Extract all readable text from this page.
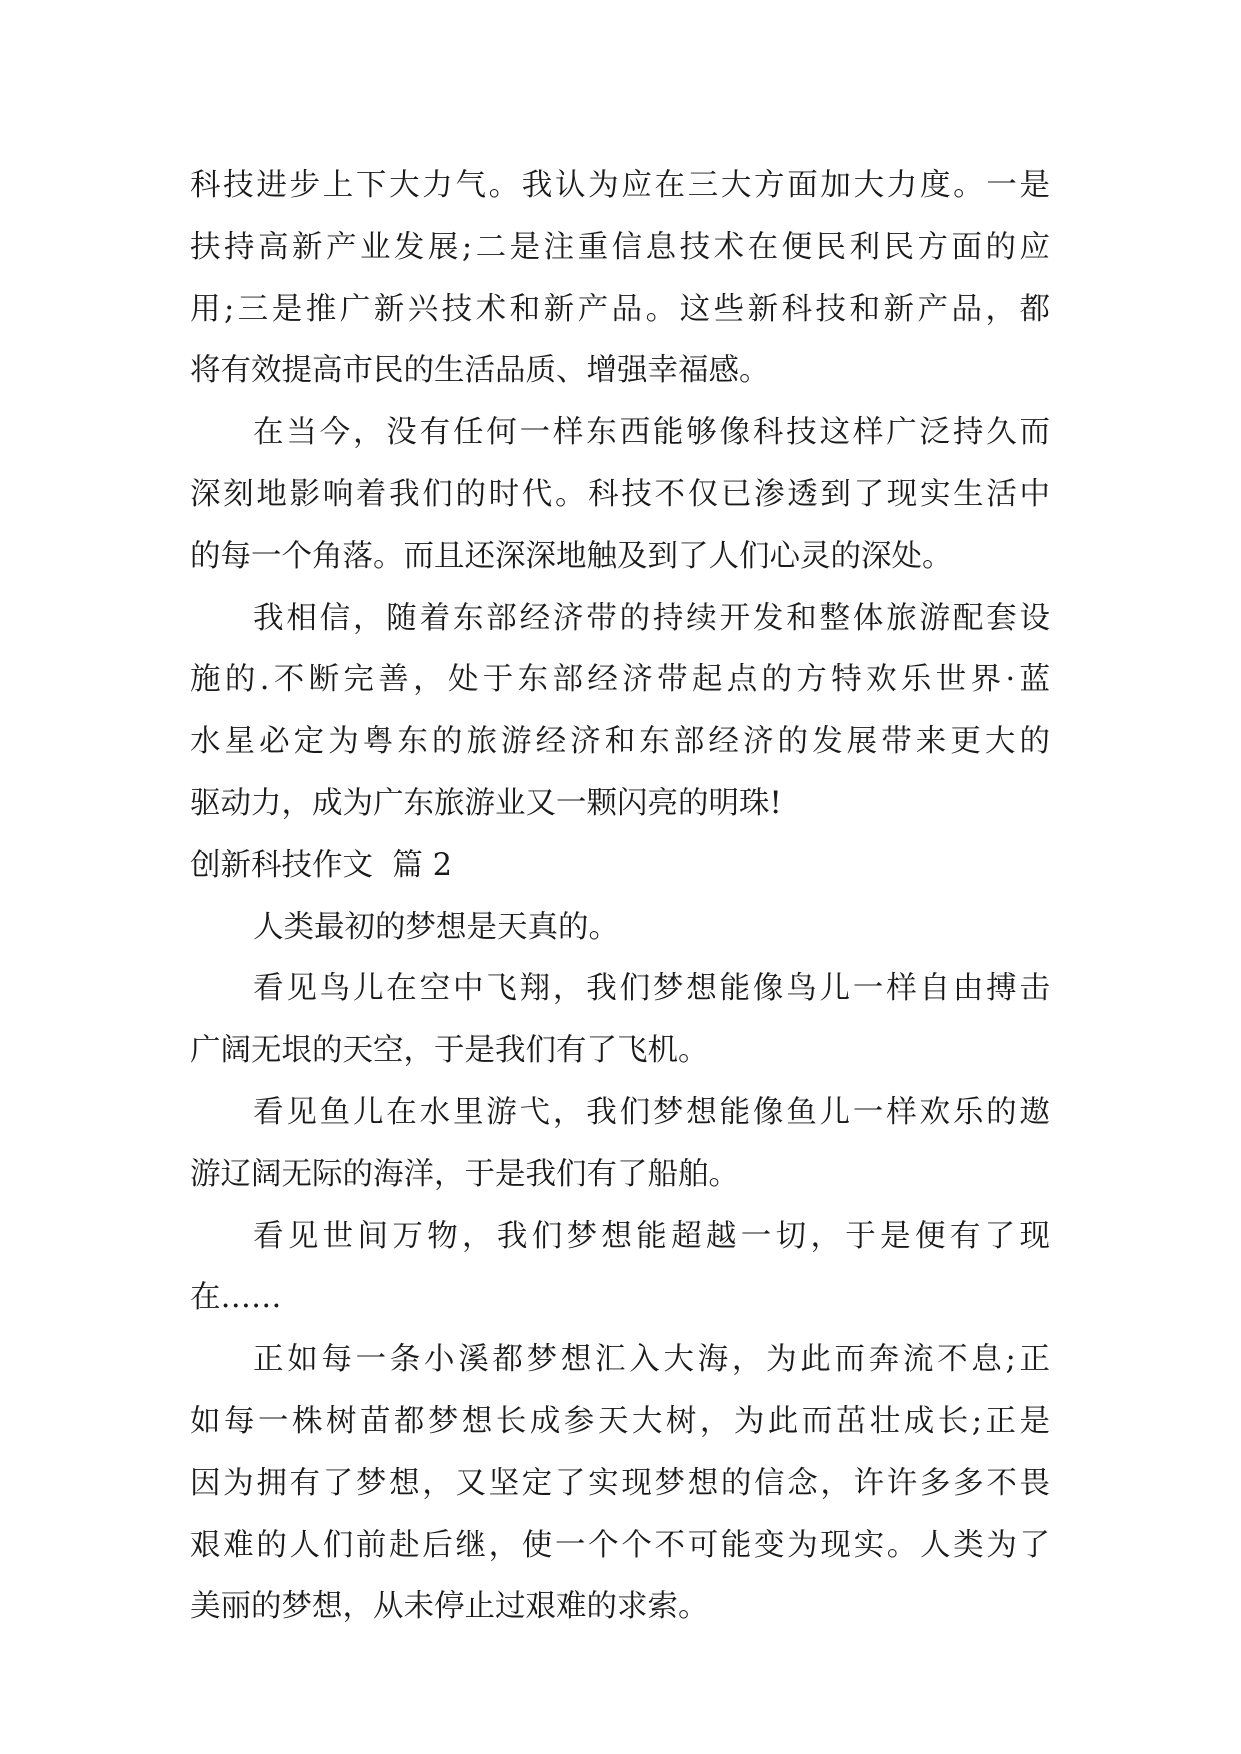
科技进步上下大力气。我认为应在三大方面加大力度。一是
扶持高新产业发展;二是注重信息技术在便民利民方面的应
用;三是推广新兴技术和新产品。这些新科技和新产品，都
将有效提高市民的生活品质、增强幸福感。
在当今，没有任何一样东西能够像科技这样广泛持久而
深刻地影响着我们的时代。科技不仅已渗透到了现实生活中
的每一个角落。而且还深深地触及到了人们心灵的深处。
我相信，随着东部经济带的持续开发和整体旅游配套设
施的.不断完善，处于东部经济带起点的方特欢乐世界·蓝
水星必定为粤东的旅游经济和东部经济的发展带来更大的
驱动力，成为广东旅游业又一颗闪亮的明珠!
创新科技作文  篇 2
人类最初的梦想是天真的。
看见鸟儿在空中飞翔，我们梦想能像鸟儿一样自由搏击
广阔无垠的天空，于是我们有了飞机。
看见鱼儿在水里游弋，我们梦想能像鱼儿一样欢乐的遨
游辽阔无际的海洋，于是我们有了船舶。
看见世间万物，我们梦想能超越一切，于是便有了现
在……
正如每一条小溪都梦想汇入大海，为此而奔流不息;正
如每一株树苗都梦想长成参天大树，为此而茁壮成长;正是
因为拥有了梦想，又坚定了实现梦想的信念，许许多多不畏
艰难的人们前赴后继，使一个个不可能变为现实。人类为了
美丽的梦想，从未停止过艰难的求索。
